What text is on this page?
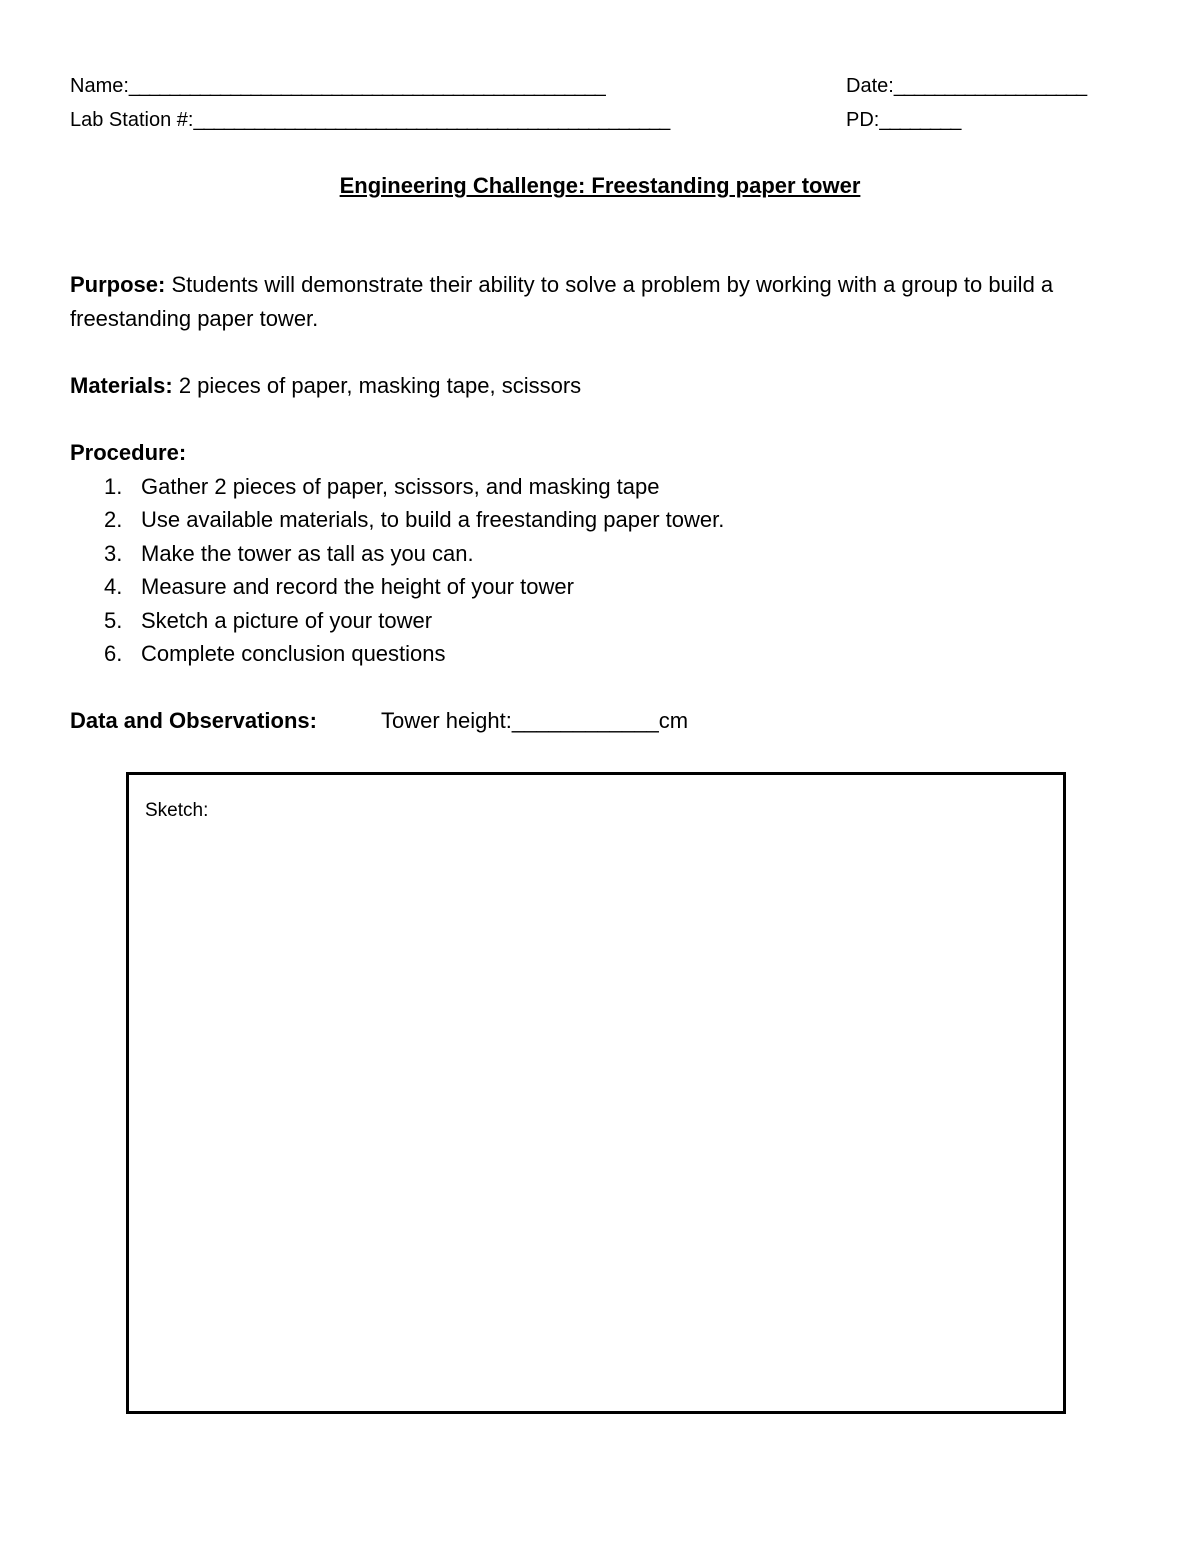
Name:_______________________________________________	Date:___________________
Lab Station #:_______________________________________________	PD:________
Engineering Challenge: Freestanding paper tower
Purpose: Students will demonstrate their ability to solve a problem by working with a group to build a freestanding paper tower.
Materials: 2 pieces of paper, masking tape, scissors
Procedure:
1. Gather 2 pieces of paper, scissors, and masking tape
2. Use available materials, to build a freestanding paper tower.
3. Make the tower as tall as you can.
4. Measure and record the height of your tower
5. Sketch a picture of your tower
6. Complete conclusion questions
Data and Observations:	Tower height:____________cm
Sketch:
